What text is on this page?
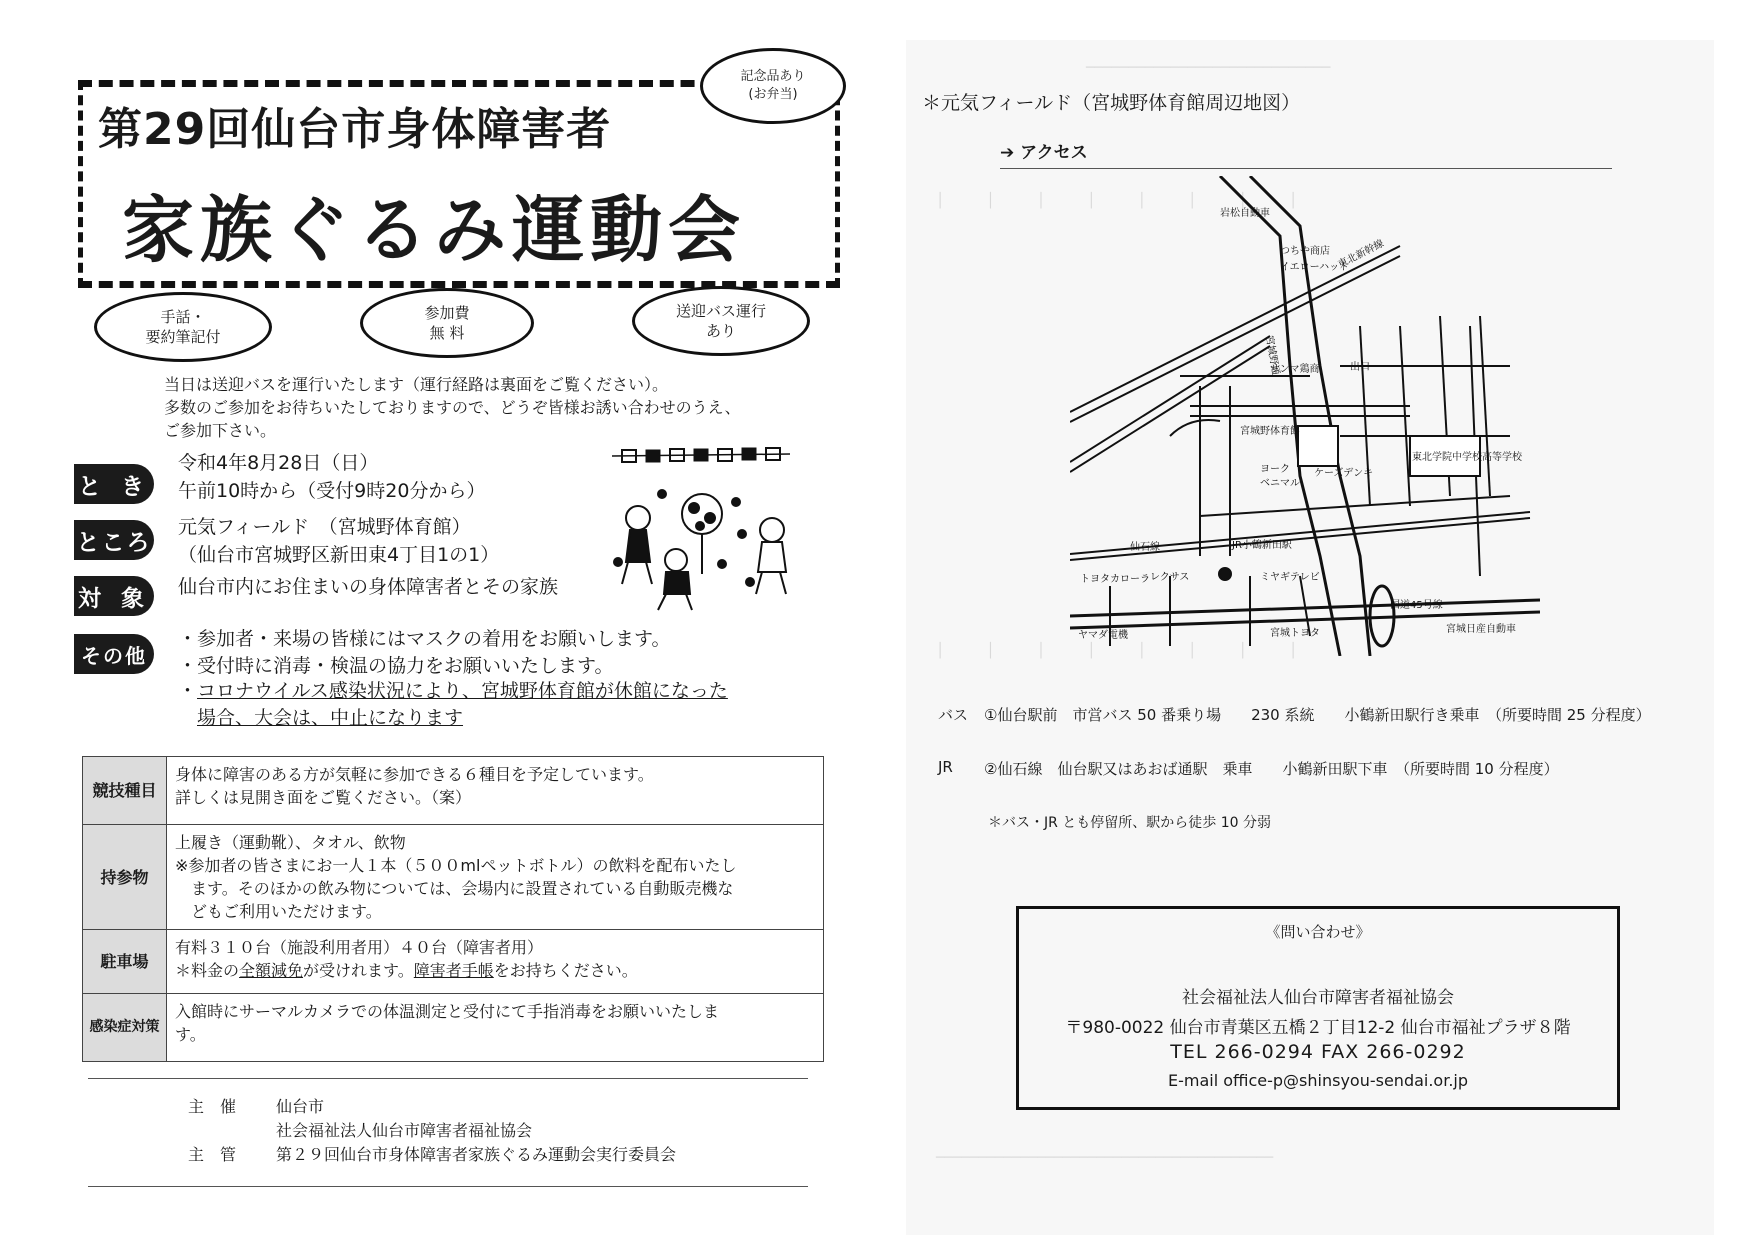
第29回仙台市身体障害者
家族ぐるみ運動会
記念品あり
(お弁当)
手話・
要約筆記付
参加費
無 料
送迎バス運行
あり
当日は送迎バスを運行いたします（運行経路は裏面をご覧ください）。
多数のご参加をお待ちいたしておりますので、どうぞ皆様お誘い合わせのうえ、
ご参加下さい。
と き
令和4年8月28日（日）
午前10時から（受付9時20分から）
ところ
元気フィールド　（宮城野体育館）
（仙台市宮城野区新田東4丁目1の1）
対 象 仙台市内にお住まいの身体障害者とその家族
その他
・参加者・来場の皆様にはマスクの着用をお願いします。
・受付時に消毒・検温の協力をお願いいたします。
・コロナウイルス感染状況により、宮城野体育館が休館になった
場合、大会は、中止になります
競技種目	身体に障害のある方が気軽に参加できる６種目を予定しています。
詳しくは見開き面をご覧ください。（案）

持参物	上履き（運動靴）、タオル、飲物
※参加者の皆さまにお一人１本（５００mlペットボトル）の飲料を配布いたし
　ます。そのほかの飲み物については、会場内に設置されている自動販売機な
　どもご利用いただけます。

駐車場	有料３１０台（施設利用者用）４０台（障害者用）
＊料金の全額減免が受けれます。障害者手帳をお持ちください。

感染症対策	入館時にサーマルカメラでの体温測定と受付にて手指消毒をお願いいたしま
す。
主　催 仙台市
社会福祉法人仙台市障害者福祉協会
主　管 第２９回仙台市身体障害者家族ぐるみ運動会実行委員会
─────────────────────────────
│　　　│　　　│　　　│　　　│　　　│　　　│　　　│
│　　　│　　　│　　　│　　　│　　　│　　　│　　　│
────────────────────────────────────────
＊元気フィールド（宮城野体育館周辺地図）
➔ アクセス
岩松自動車
つちや商店
イエローハット
東北新幹線
宮城野通
サンマ鶏商	出口
JR小鶴新田駅
仙石線
宮城野体育館
東北学院中学校高等学校
ヨーク
ベニマル
ケーズデンキ
トヨタカローラ レクサス	ミヤギテレビ
ヤマダ電機
国道45号線
宮城トヨタ	宮城日産自動車
バス ①仙台駅前　市営バス 50 番乗り場　　230 系統　　小鶴新田駅行き乗車　（所要時間 25 分程度）
JR ②仙石線　仙台駅又はあおば通駅　乗車　　小鶴新田駅下車　（所要時間 10 分程度）
＊バス・JR とも停留所、駅から徒歩 10 分弱
《問い合わせ》
社会福祉法人仙台市障害者福祉協会
〒980-0022 仙台市青葉区五橋２丁目12-2 仙台市福祉プラザ８階
TEL 266-0294 FAX 266-0292
E-mail office-p@shinsyou-sendai.or.jp
